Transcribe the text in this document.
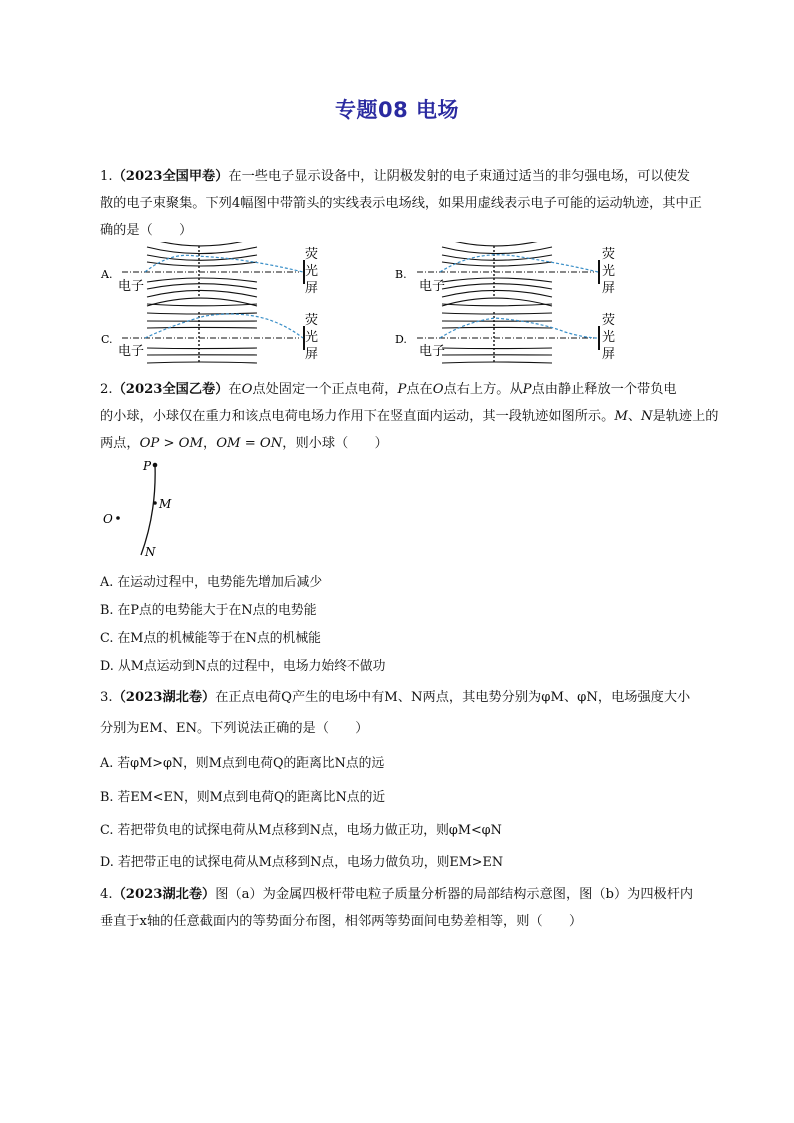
专题08 电场
1.（2023全国甲卷）在一些电子显示设备中，让阴极发射的电子束通过适当的非匀强电场，可以使发
散的电子束聚集。下列4幅图中带箭头的实线表示电场线，如果用虚线表示电子可能的运动轨迹，其中正
确的是（　　）
A.
电子
荧
光
屏
B.
电子
荧
光
屏
C.
电子
荧
光
屏
D.
电子
荧
光
屏
2.（2023全国乙卷）在O点处固定一个正点电荷，P点在O点右上方。从P点由静止释放一个带负电
的小球，小球仅在重力和该点电荷电场力作用下在竖直面内运动，其一段轨迹如图所示。M、N是轨迹上的
两点，OP > OM，OM = ON，则小球（　　）
P
M
O
N
A. 在运动过程中，电势能先增加后减少
B. 在P点的电势能大于在N点的电势能
C. 在M点的机械能等于在N点的机械能
D. 从M点运动到N点的过程中，电场力始终不做功
3.（2023湖北卷）在正点电荷Q产生的电场中有M、N两点，其电势分别为φM、φN，电场强度大小
分别为EM、EN。下列说法正确的是（　　）
A. 若φM>φN，则M点到电荷Q的距离比N点的远
B. 若EM<EN，则M点到电荷Q的距离比N点的近
C. 若把带负电的试探电荷从M点移到N点，电场力做正功，则φM<φN
D. 若把带正电的试探电荷从M点移到N点，电场力做负功，则EM>EN
4.（2023湖北卷）图（a）为金属四极杆带电粒子质量分析器的局部结构示意图，图（b）为四极杆内
垂直于x轴的任意截面内的等势面分布图，相邻两等势面间电势差相等，则（　　）
